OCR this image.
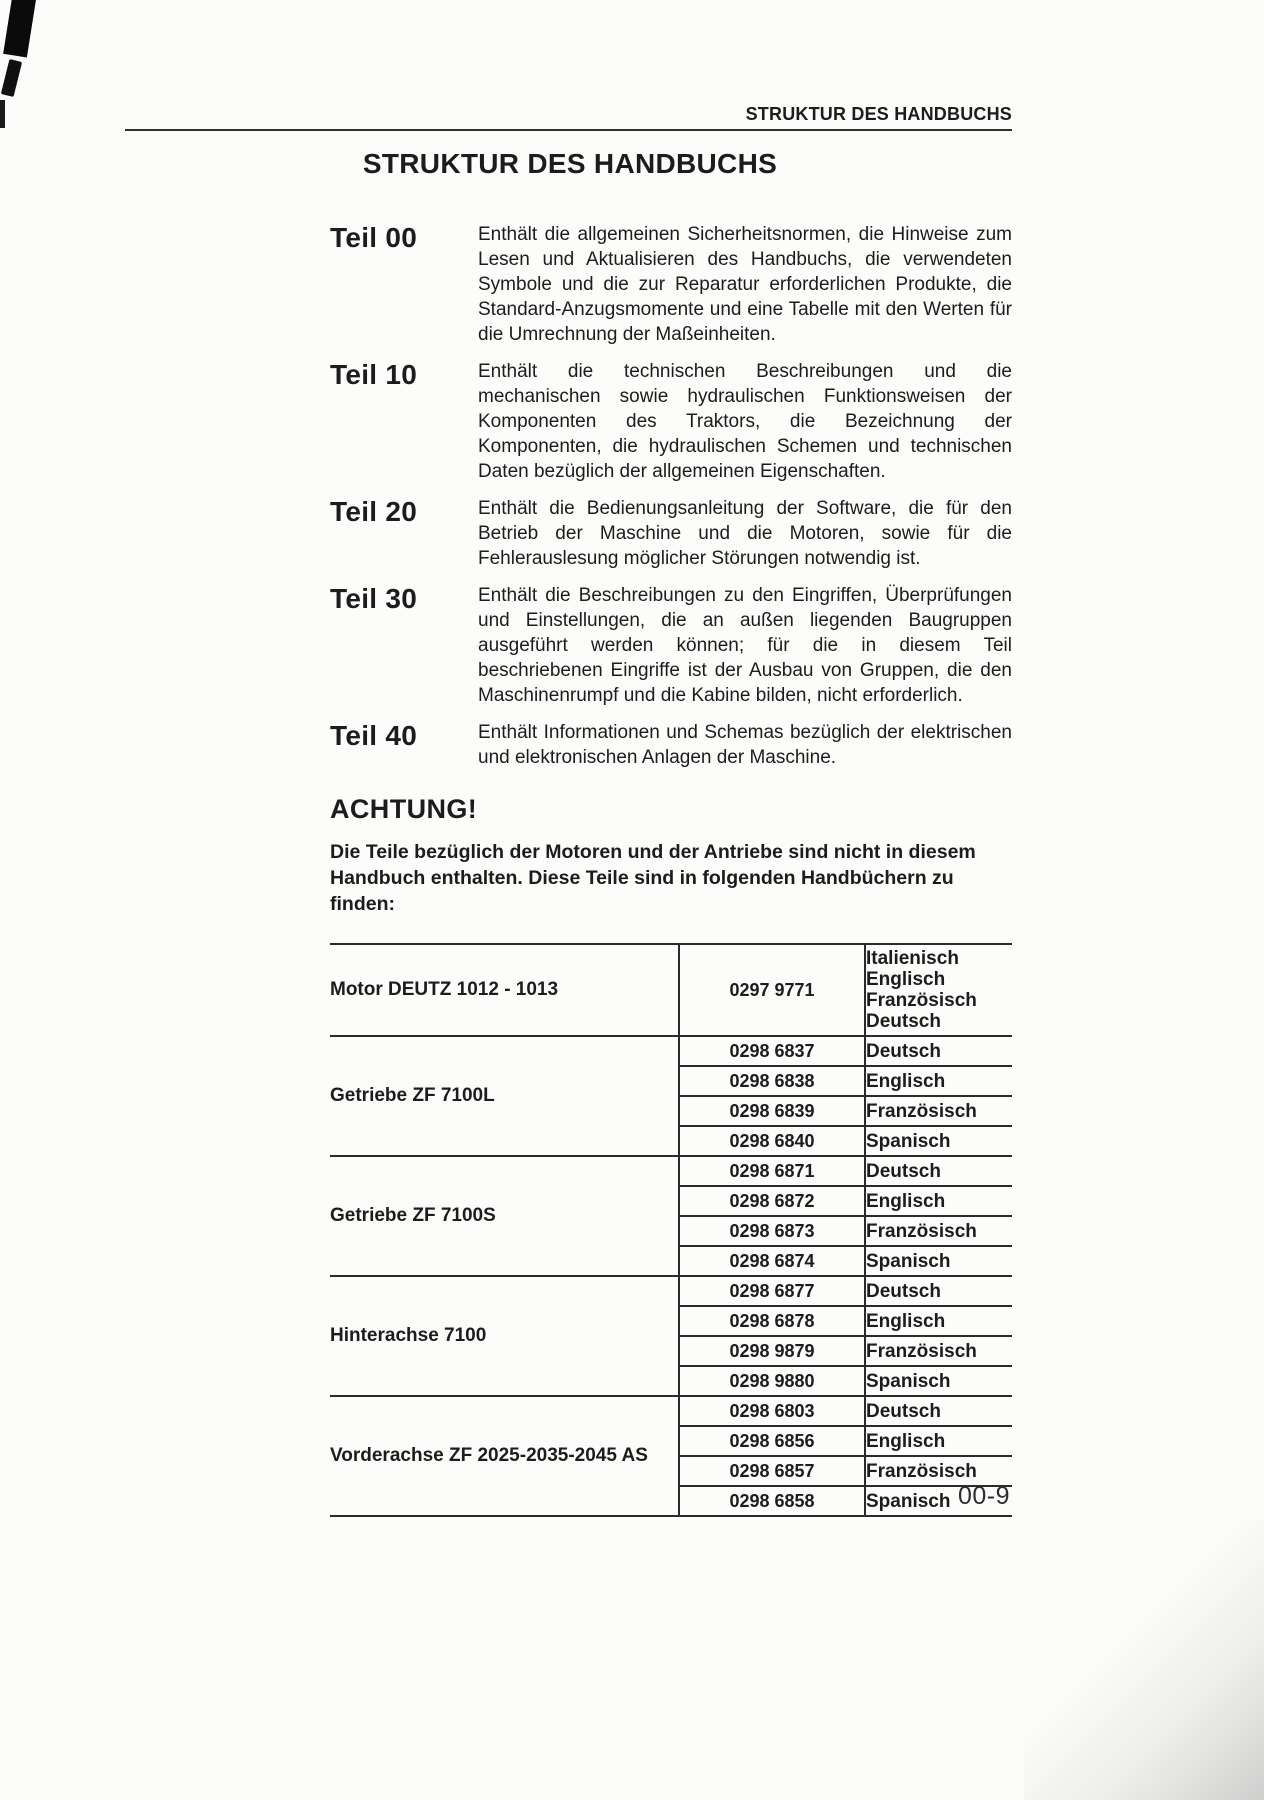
STRUKTUR DES HANDBUCHS
STRUKTUR DES HANDBUCHS
Teil 00	Enthält die allgemeinen Sicherheitsnormen, die Hinweise zum Lesen und Aktualisieren des Handbuchs, die verwendeten Symbole und die zur Reparatur erforderlichen Produkte, die Standard-Anzugsmomente und eine Tabelle mit den Werten für die Umrechnung der Maßeinheiten.

Teil 10	Enthält die technischen Beschreibungen und die mechanischen sowie hydraulischen Funktionsweisen der Komponenten des Traktors, die Bezeichnung der Komponenten, die hydraulischen Schemen und technischen Daten bezüglich der allgemeinen Eigenschaften.

Teil 20	Enthält die Bedienungsanleitung der Software, die für den Betrieb der Maschine und die Motoren, sowie für die Fehlerauslesung möglicher Störungen notwendig ist.

Teil 30	Enthält die Beschreibungen zu den Eingriffen, Überprüfungen und Einstellungen, die an außen liegenden Baugruppen ausgeführt werden können; für die in diesem Teil beschriebenen Eingriffe ist der Ausbau von Gruppen, die den Maschinenrumpf und die Kabine bilden, nicht erforderlich.

Teil 40	Enthält Informationen und Schemas bezüglich der elektrischen und elektronischen Anlagen der Maschine.

ACHTUNG!

Die Teile bezüglich der Motoren und der Antriebe sind nicht in diesem Handbuch enthalten. Diese Teile sind in folgenden Handbüchern zu finden:

Motor DEUTZ 1012 - 1013	0297 9771	Italienisch
Englisch
Französisch
Deutsch

Getriebe ZF 7100L	0298 6837	Deutsch

	0298 6838	Englisch

	0298 6839	Französisch

	0298 6840	Spanisch

Getriebe ZF 7100S	0298 6871	Deutsch

	0298 6872	Englisch

	0298 6873	Französisch

	0298 6874	Spanisch

Hinterachse 7100	0298 6877	Deutsch

	0298 6878	Englisch

	0298 9879	Französisch

	0298 9880	Spanisch

Vorderachse ZF 2025-2035-2045 AS	0298 6803	Deutsch

	0298 6856	Englisch

	0298 6857	Französisch

	0298 6858	Spanisch 00-9
